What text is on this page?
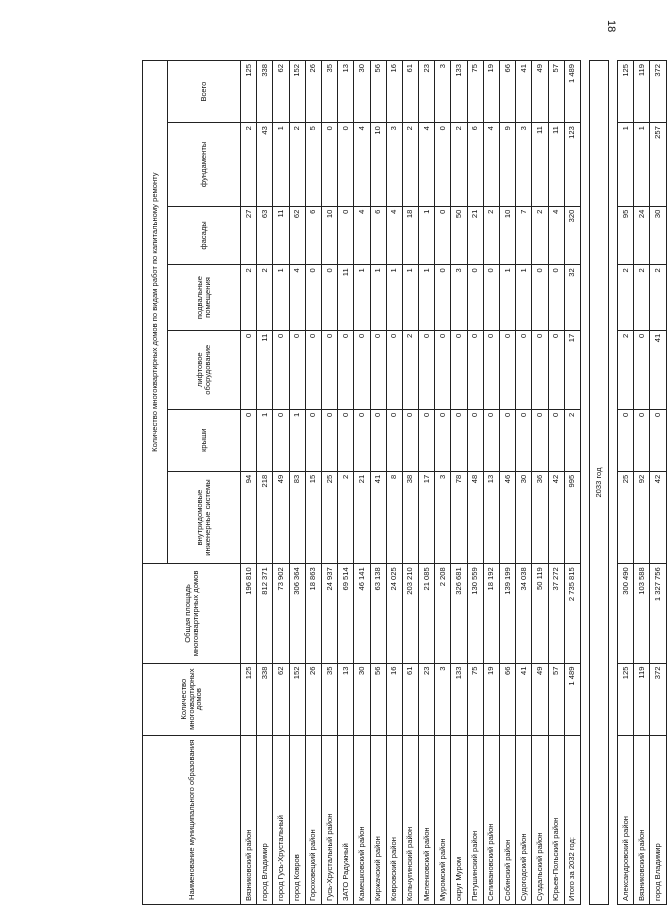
18
Наименование муниципального образования	Количество многоквартирных домов	Общая площадь многоквартирных домов	Количество многоквартирных домов по видам работ по капитальному ремонту						
			внутридомовые инженерные системы	крыши	лифтовое оборудование	подвальные помещения	фасады	фундаменты	Всего
Вязниковский район	125	196 810	94	0	0	2	27	2	125
город Владимир	338	812 371	218	1	11	2	63	43	338
город Гусь-Хрустальный	62	73 902	49	0	0	1	11	1	62
город Ковров	152	306 364	83	1	0	4	62	2	152
Гороховецкий район	26	18 863	15	0	0	0	6	5	26
Гусь-Хрустальный район	35	24 937	25	0	0	0	10	0	35
ЗАТО Радужный	13	69 514	2	0	0	11	0	0	13
Камешковский район	30	46 141	21	0	0	1	4	4	30
Киржачский район	56	63 138	41	0	0	1	6	10	56
Ковровский район	16	24 025	8	0	0	1	4	3	16
Кольчугинский район	61	203 210	38	0	2	1	18	2	61
Меленковский район	23	21 085	17	0	0	1	1	4	23
Муромский район	3	2 208	3	0	0	0	0	0	3
округ Муром	133	326 681	78	0	0	3	50	2	133
Петушинский район	75	130 559	48	0	0	0	21	6	75
Селивановский район	19	18 192	13	0	0	0	2	4	19
Собинский район	66	139 199	46	0	0	1	10	9	66
Судогодский район	41	34 038	30	0	0	1	7	3	41
Суздальский район	49	50 119	36	0	0	0	2	11	49
Юрьев-Польский район	57	37 272	42	0	0	0	4	11	57
Итого за 2032 год:	1 489	2 735 815	995	2	17	32	320	123	1 489

2033 год									

Александровский район	125	300 490	25	0	2	2	95	1	125
Вязниковский район	119	103 588	92	0	0	2	24	1	119
город Владимир	372	1 327 756	42	0	41	2	30	257	372
